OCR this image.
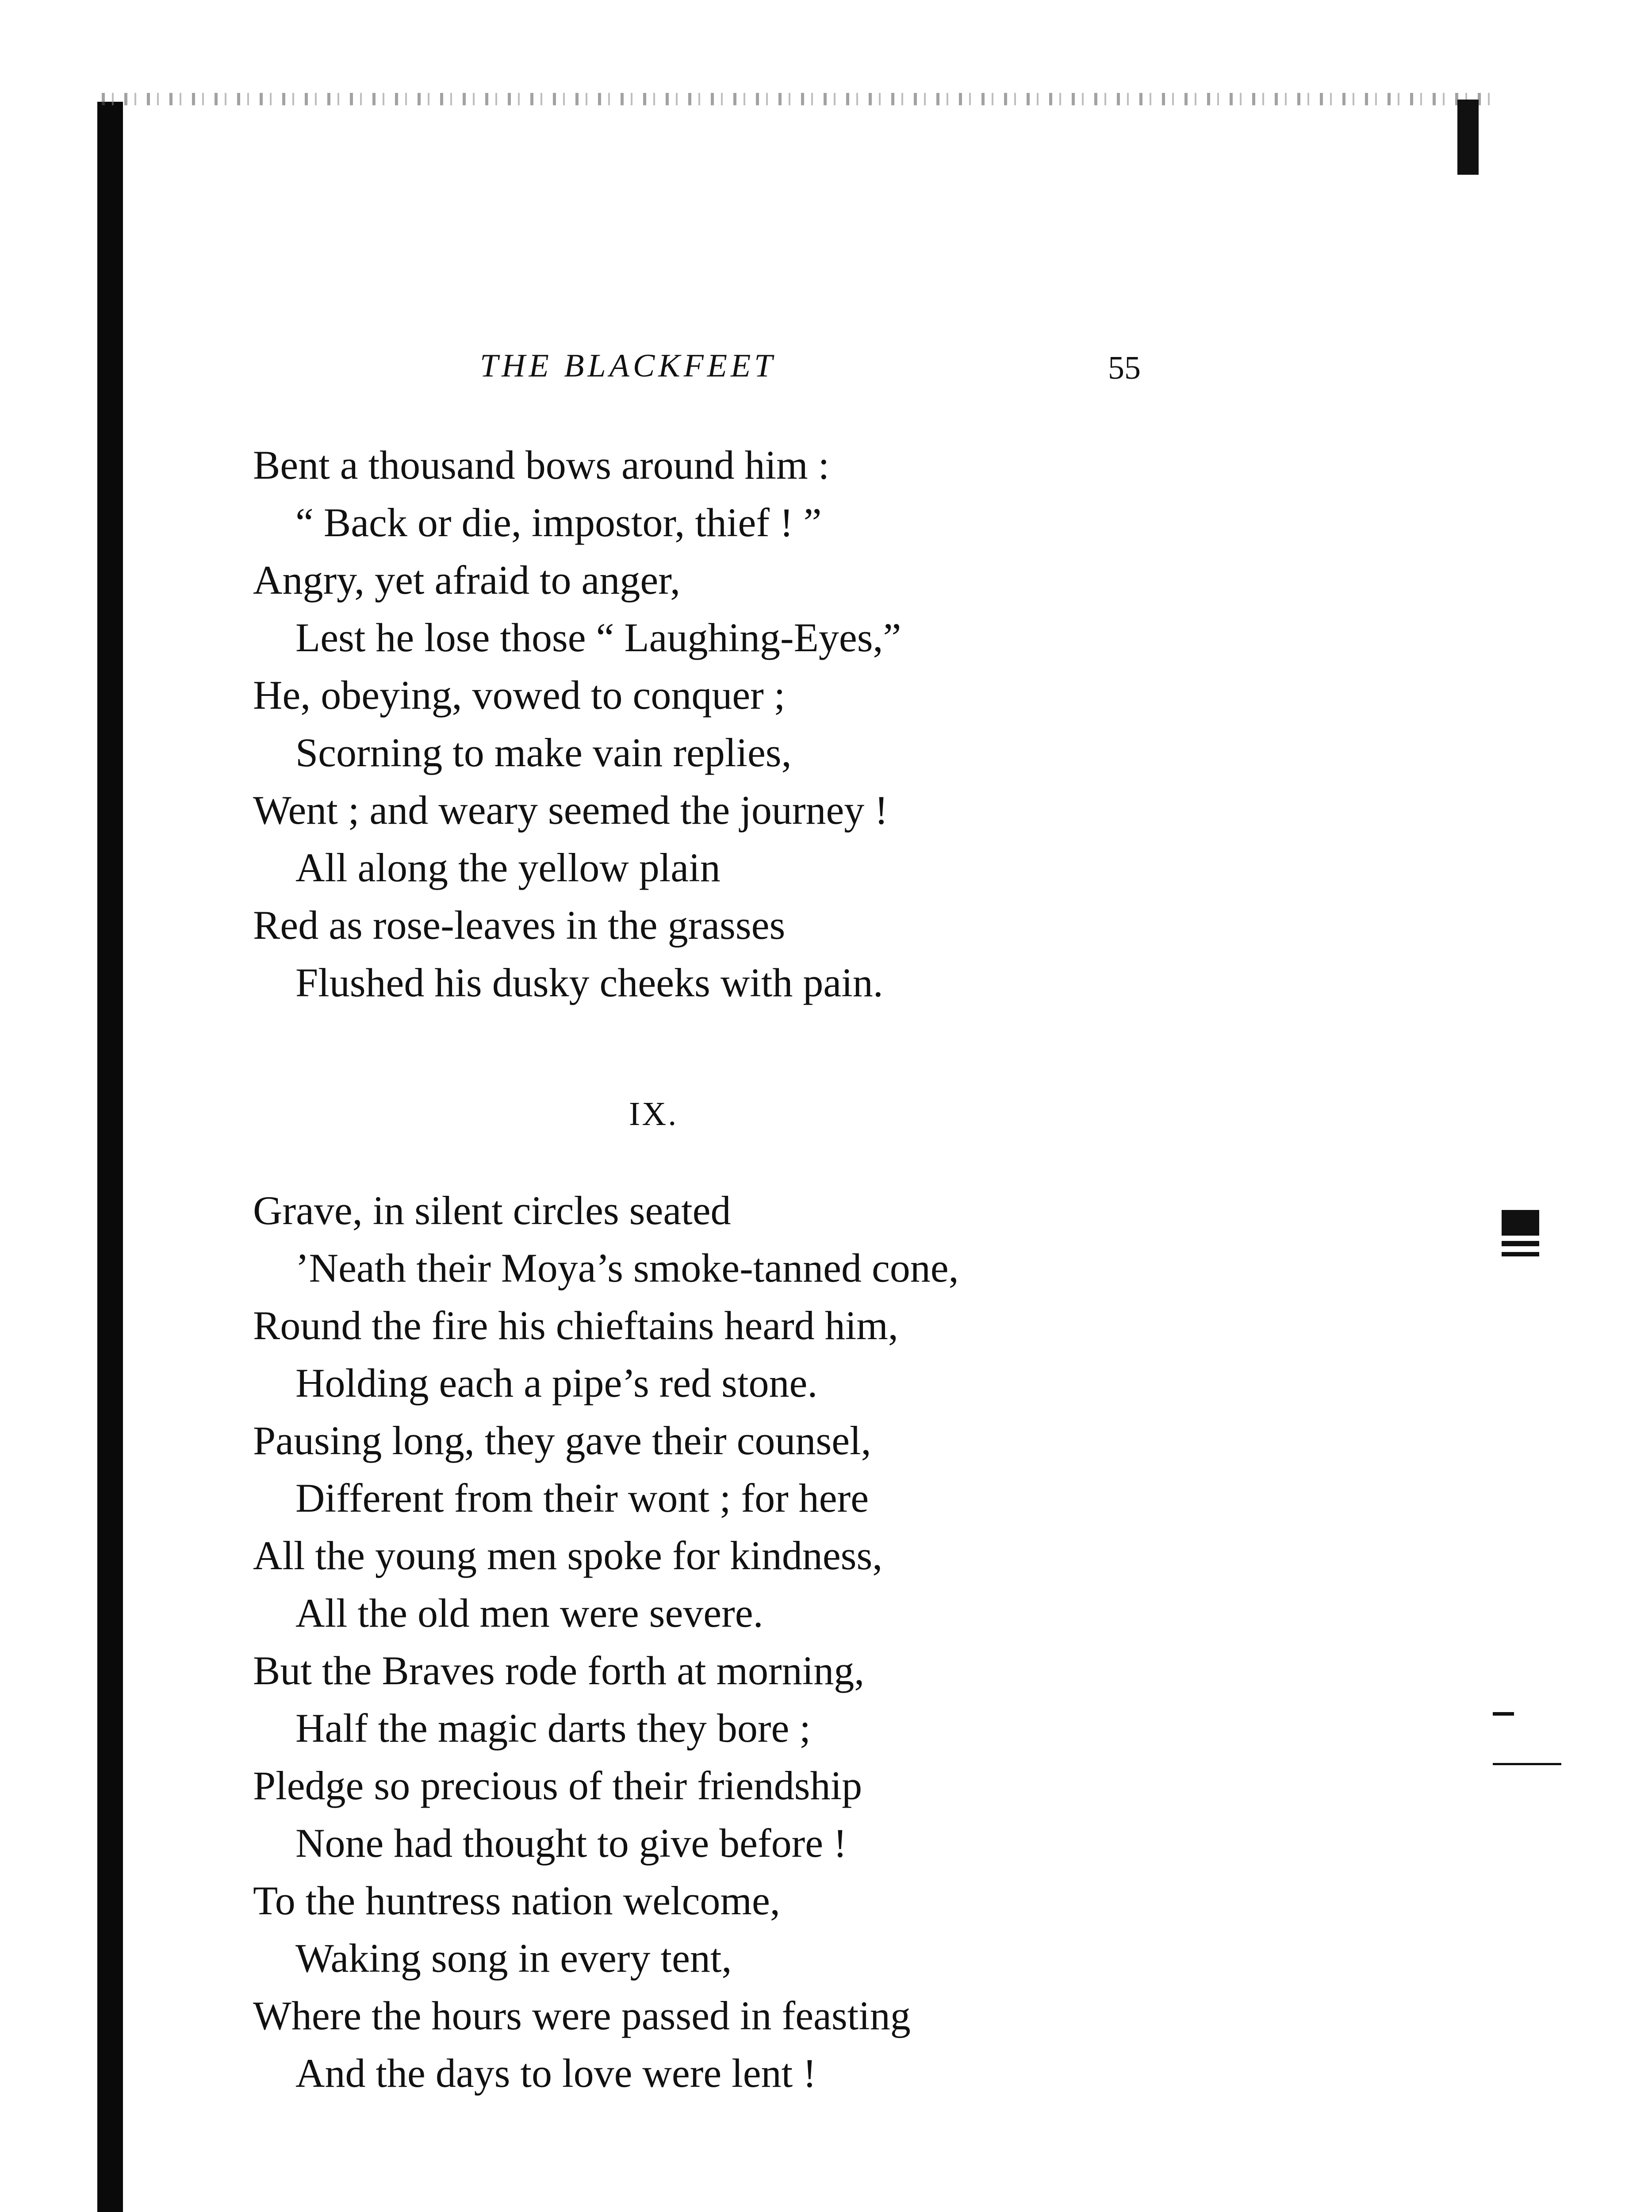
THE BLACKFEET	55
Bent a thousand bows around him :
“ Back or die, impostor, thief ! ”
Angry, yet afraid to anger,
Lest he lose those “ Laughing-Eyes,”
He, obeying, vowed to conquer ;
Scorning to make vain replies,
Went ; and weary seemed the journey !
All along the yellow plain
Red as rose-leaves in the grasses
Flushed his dusky cheeks with pain.
IX.
Grave, in silent circles seated
’Neath their Moya’s smoke-tanned cone,
Round the fire his chieftains heard him,
Holding each a pipe’s red stone.
Pausing long, they gave their counsel,
Different from their wont ; for here
All the young men spoke for kindness,
All the old men were severe.
But the Braves rode forth at morning,
Half the magic darts they bore ;
Pledge so precious of their friendship
None had thought to give before !
To the huntress nation welcome,
Waking song in every tent,
Where the hours were passed in feasting
And the days to love were lent !
